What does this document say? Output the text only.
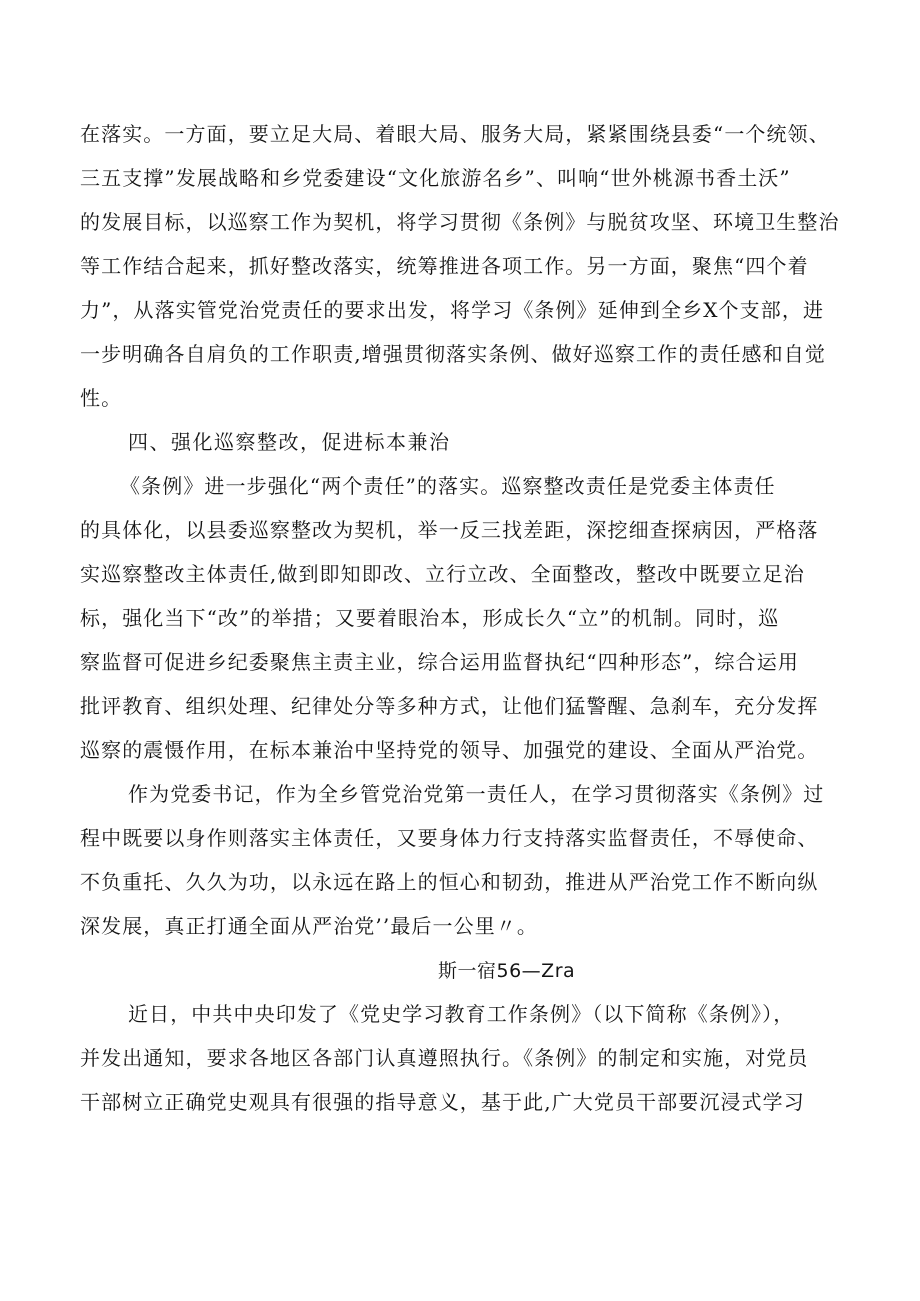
在落实。一方面，要立足大局、着眼大局、服务大局，紧紧围绕县委“一个统领、
三五支撑”发展战略和乡党委建设“文化旅游名乡”、叫响“世外桃源书香土沃”
的发展目标，以巡察工作为契机，将学习贯彻《条例》与脱贫攻坚、环境卫生整治
等工作结合起来，抓好整改落实，统筹推进各项工作。另一方面，聚焦“四个着
力”，从落实管党治党责任的要求出发，将学习《条例》延伸到全乡X个支部，进
一步明确各自肩负的工作职责,增强贯彻落实条例、做好巡察工作的责任感和自觉
性。
四、强化巡察整改，促进标本兼治
《条例》进一步强化“两个责任”的落实。巡察整改责任是党委主体责任
的具体化，以县委巡察整改为契机，举一反三找差距，深挖细查探病因，严格落
实巡察整改主体责任,做到即知即改、立行立改、全面整改，整改中既要立足治
标，强化当下“改”的举措；又要着眼治本，形成长久“立”的机制。同时，巡
察监督可促进乡纪委聚焦主责主业，综合运用监督执纪“四种形态”，综合运用
批评教育、组织处理、纪律处分等多种方式，让他们猛警醒、急刹车，充分发挥
巡察的震慑作用，在标本兼治中坚持党的领导、加强党的建设、全面从严治党。
作为党委书记，作为全乡管党治党第一责任人，在学习贯彻落实《条例》过
程中既要以身作则落实主体责任，又要身体力行支持落实监督责任，不辱使命、
不负重托、久久为功，以永远在路上的恒心和韧劲，推进从严治党工作不断向纵
深发展，真正打通全面从严治党’’最后一公里〃。
斯一宿56—Zra
近日，中共中央印发了《党史学习教育工作条例》（以下简称《条例》），
并发出通知，要求各地区各部门认真遵照执行。《条例》的制定和实施，对党员
干部树立正确党史观具有很强的指导意义，基于此,广大党员干部要沉浸式学习
